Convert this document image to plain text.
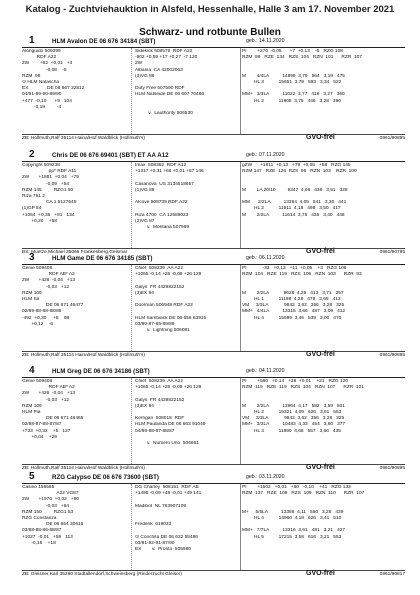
Katalog - Zuchtviehauktion in Alsfeld, Hessenhalle, Halle 3 am 17. November 2021
Schwarz- und rotbunte Bullen
1	HLM Avalon DE 06 676 34184 (SBT)	geb.: 14.11.2020
Alonguido 509399
RDF A22
2W        +62  +0,01   +4
-0,08    -5
RZM  98
⊙ HLM Natascha
EX              DE 06 667 32812
04/91-89-90-89/90
+477  -0,10      +9   104
-0,19         -4
Sidekick 508579  RDF A22
-902 +0,59 +17 +0,27  -7 120
2W
Albania  CA 42002063
(3)VG 86
Duty Free 507590 RDF
HLM Natseide DE 06 607 70486
v.  Lauthority 506530
PI        +270  -0,05      +7  +0,13    -5   RZG 108
RZM  99   RZE  134   RZS  104   RZN  101      RZR  107
M        4/4LA          14899  3,79   564   3,19   475
HL 3           15651  3,79   593   3,34   522
MM+   3/3LA          11022  3,77   416   3,27   360
HL 2           11905  3,75   446   3,28   390
ZB: Hollmuth,Ralf 35114 Haina/Hof Waldblick (Hollmuth's)	GVO-frei	0961/90895
2	Chris DE 06 676 69401 (SBT) ET AA A12	geb.: 07.11.2020
Copyright 509238
pp* RDF A11
2W       +1881  +0,04   +79
-0,09   +54
RZM 145         RZG1 50
Riza 751 2
CA 1 5127645
(1)GP 84
+1064  +0,36   +81   134
+0,20    +58
Imax  508352  RDF A12
+1317 +0,31 +66 +0,01 +67 146
Casanova  US 3134518657
(1)VG 88
Alcove 508739 RDF A22
Riza 4700  CA 12589023
(2)VG 87
v.  Montana 507969
gZW      +1611  +0,13   +79  +0,05   +58   RZG 145
RZM 147   RZE  126  RZS  96   RZN  103    RZR  100
M        LA 20/10         9347  4,66   436   3,51   328
MM      2/2LA          13364  4,05   541   3,30   441
HL 2           11911  4,18   498   3,50   417
M        2/2LA          11614  3,75   435   3,40   448
BS: Muetze,Michael 35066 Frankenberg,Geismar	GVO-frei	0961/90785
3	HLM Game DE 06 676 34185 (SBT)	geb.: 06.11.2020
Genie 509408
RDF AB* A2
2W       +426  -0,04   +13
-0,03   +12
RZM 109
HLM Sa
DE 06 671 46477
02/89-88-88-88/88
-492  +0,30     +8    98
+0,12    -6
Chief  508239  AA A22
+1065 -0,14 +26 -0,09 +26 129
Galys  FR 4429822152
(3)EX 94
Doorman 506948 RDF A22
HLM Sambiack DE 06 656 63915
03/90-87-89-89/89
v.  Lightning 506081
PI            -33   +0,13   +11  +0,05    +3   RZG 106
RZM  104   RZE  119   RZS  105   RZN  103      RZR  93
M        2/2LA           9628  4,29   413   3,71   357
HL 1           11198  4,28   479   3,69   413
VM     3/3LA            9842  3,62   356   3,28   325
MM+   4/4LA          13315  3,66   487   3,09   412
HL 4           15599  3,46   539   3,00   470
ZB: Hollmuth,Ralf 35114 Haina/Hof Waldblick (Hollmuth's)	GVO-frei	0961/90895
4	HLM Greg DE 06 676 34186 (SBT)	geb.: 04.11.2020
Genie 509408
RDF AB* A2
2W       +426  -0,04   +13
-0,03   +12
RZM 109
HLM Pia
DE 06 671 46465
02/88-87-88-87/87
+733  +0,32    +5   127
+0,04    +29
Chief  508239  AA A22
+1065 -0,14 +26 -0,09 +26 129
Galys  FR 4429822152
(3)EX 94
Kerrigan  508018  RDF
HLM Paulanda DE 06 663 91049
04/89-88-87-88/87
v.  Numero Uno  506661
PI        +580   +0,14   +38  +0,01    +21   RZG 120
RZM  119   RZE  119   RZS  104   RZN  107      RZR  101
M        2/2LA          13964  4,17   582   3,59   501
HL 2           15321  4,09   626   3,61   553
VM     3/3LA            9842  3,62   356   3,28   325
MM+   3/3LA          10483  4,33   454   3,60   377
HL 3           11890  4,68   557   3,66   435
ZB: Hollmuth,Ralf 35114 Haina/Hof Waldblick (Hollmuth's)	GVO-frei	0961/90895
5	RZG Calypso DE 06 676 73600 (SBT)	geb.: 03.11.2020
Casino 156585
A22 VG87
2W       +1976  +0,02   +80
-0,03   +64
RZM 150         RZG1 53
RZG Constanza
DE 06 664 30615
03/88-88-86-88/87
+1027  -0,01   +59   113
-0,16    +18
DG Charley  508151  RDF AB
+1495 -0,09 +48 -0,01 +49 141
Madibot  NL 763907109
Frederik  619033
⊙ Conchita DE 06 632 55486
03/91-92-91-87/90
EX        v.  Pronto  505980
PI        +1502   +0,01   +60   -0,10    +41   RZG 133
RZM  137   RZE  108   RZS  109   RZN  110      RZR  107
M+     5/5LA          13386  4,11   550   3,28   439
HL 4           14960  4,18   626   3,41   510
MM+   7/7LA          13316  3,61   481   3,21   427
HL 5           17215  3,58   616   3,21   553
ZB: Gleisner,Karl 35260 Stadtallendorf,Schweinsberg (Rinderzucht Gleiser)	GVO-frei	0961/90817
